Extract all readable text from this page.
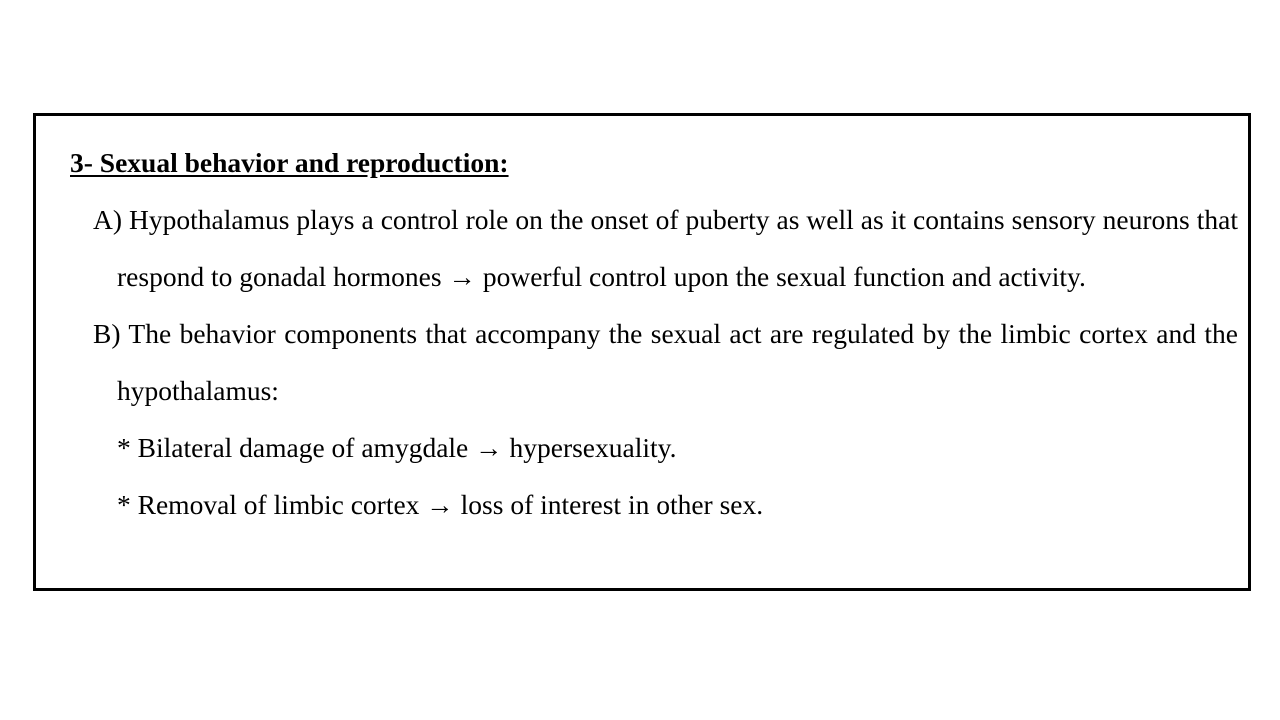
3- Sexual behavior and reproduction:

A) Hypothalamus plays a control role on the onset of puberty as well as it contains sensory neurons that respond to gonadal hormones → powerful control upon the sexual function and activity.

B) The behavior components that accompany the sexual act are regulated by the limbic cortex and the hypothalamus:

* Bilateral damage of amygdale → hypersexuality.

* Removal of limbic cortex → loss of interest in other sex.
